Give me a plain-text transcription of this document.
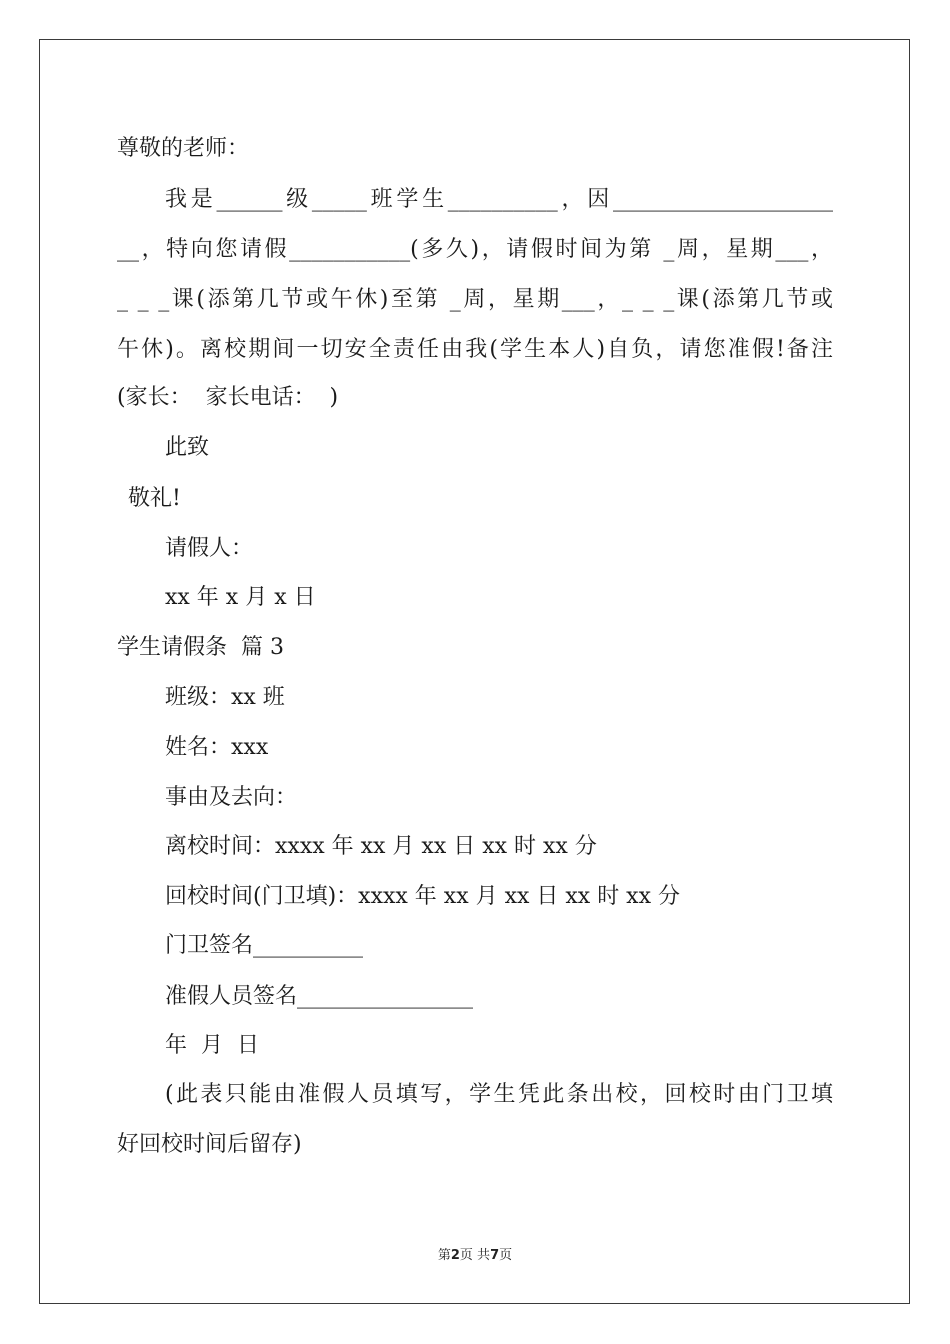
尊敬的老师：

我是______级_____班学生__________，因____________________

__，特向您请假___________(多久)，请假时间为第 _周，星期___，

_ _ _课(添第几节或午休)至第 _周，星期___，_ _ _课(添第几节或

午休)。离校期间一切安全责任由我(学生本人)自负，请您准假!备注

(家长：  家长电话：  )

此致

敬礼!

请假人：

xx 年 x 月 x 日

学生请假条  篇 3

班级：xx 班

姓名：xxx

事由及去向：

离校时间：xxxx 年 xx 月 xx 日 xx 时 xx 分

回校时间(门卫填)：xxxx 年 xx 月 xx 日 xx 时 xx 分

门卫签名__________

准假人员签名________________

年  月  日

(此表只能由准假人员填写，学生凭此条出校，回校时由门卫填

好回校时间后留存)

第2页 共7页
